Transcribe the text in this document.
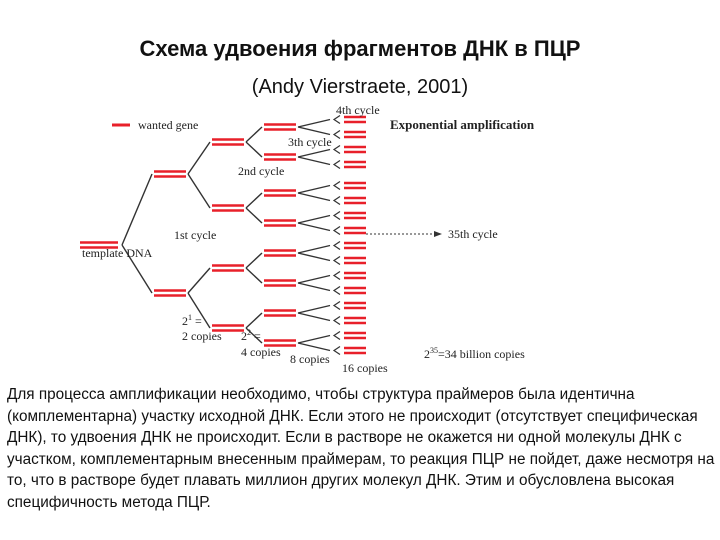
Схема удвоения фрагментов ДНК в ПЦР
(Andy Vierstraete, 2001)
wanted gene	Exponential amplification
template DNA
1st cycle
2nd cycle
3th cycle
4th cycle
35th cycle
$2^1$ =
2 copies $2^2$ =
4 copies 8 copies
16 copies
$2^{35}=34$ billion copies
Для процесса амплификации необходимо, чтобы структура праймеров была идентична (комплементарна) участку исходной ДНК. Если этого не происходит (отсутствует специфическая ДНК), то удвоения ДНК не происходит. Если в растворе не окажется ни одной молекулы ДНК с участком, комплементарным внесенным праймерам, то реакция ПЦР не пойдет, даже несмотря на то, что в растворе будет плавать миллион других молекул ДНК. Этим и обусловлена высокая специфичность метода ПЦР.
